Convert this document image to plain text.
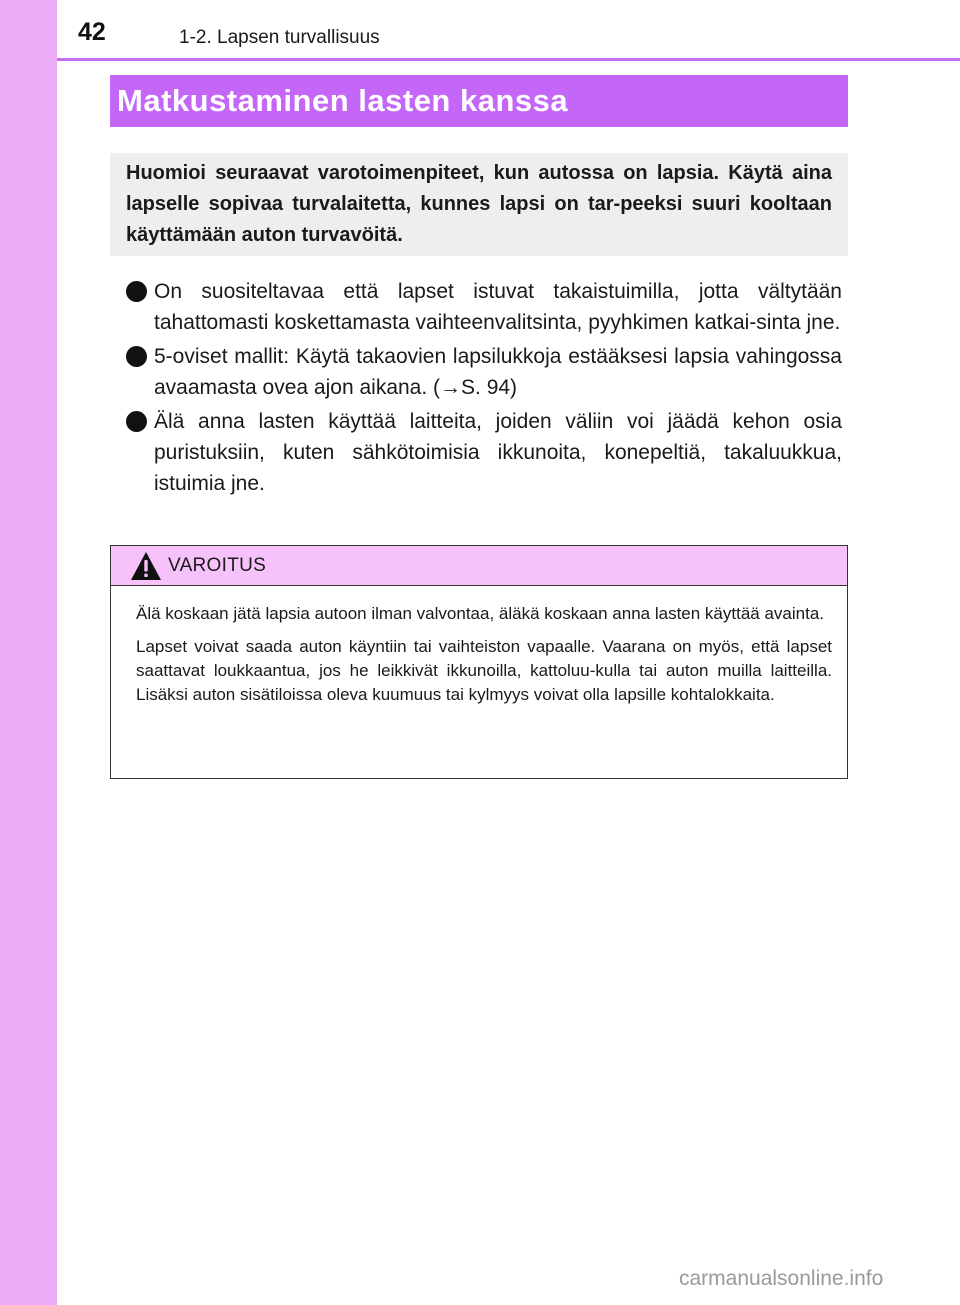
42	1-2. Lapsen turvallisuus
Matkustaminen lasten kanssa

Huomioi seuraavat varotoimenpiteet, kun autossa on lapsia. Käytä aina lapselle sopivaa turvalaitetta, kunnes lapsi on tar-peeksi suuri kooltaan käyttämään auton turvavöitä.

On suositeltavaa että lapset istuvat takaistuimilla, jotta vältytään tahattomasti koskettamasta vaihteenvalitsinta, pyyhkimen katkai-sinta jne.
5-oviset mallit: Käytä takaovien lapsilukkoja estääksesi lapsia vahingossa avaamasta ovea ajon aikana. (→S. 94)
Älä anna lasten käyttää laitteita, joiden väliin voi jäädä kehon osia puristuksiin, kuten sähkötoimisia ikkunoita, konepeltiä, takaluukkua, istuimia jne.
VAROITUS

Älä koskaan jätä lapsia autoon ilman valvontaa, äläkä koskaan anna lasten käyttää avainta.

Lapset voivat saada auton käyntiin tai vaihteiston vapaalle. Vaarana on myös, että lapset saattavat loukkaantua, jos he leikkivät ikkunoilla, kattoluu-kulla tai auton muilla laitteilla. Lisäksi auton sisätiloissa oleva kuumuus tai kylmyys voivat olla lapsille kohtalokkaita.

carmanualsonline.info
